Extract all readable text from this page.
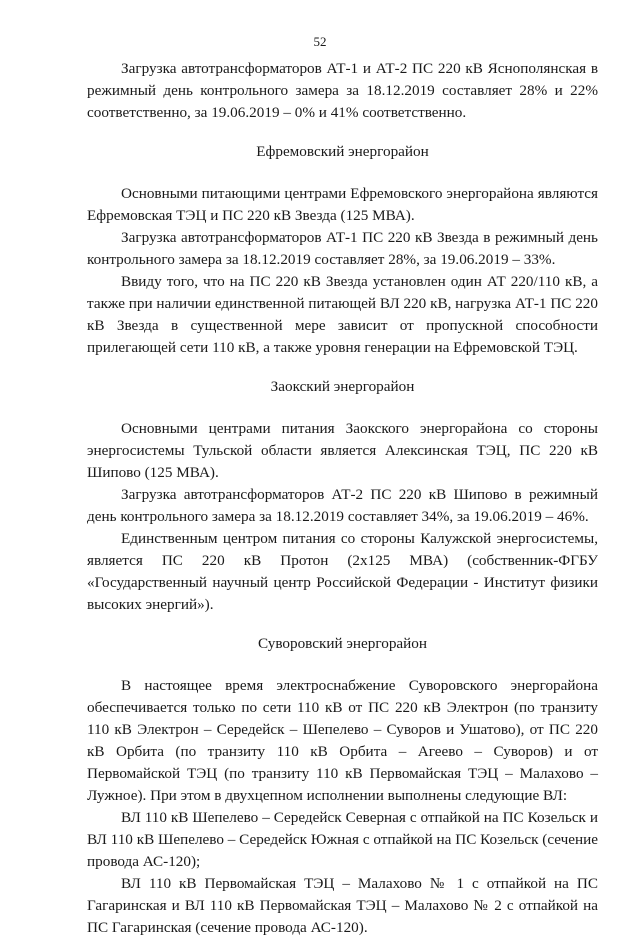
52

Загрузка автотрансформаторов АТ-1 и АТ-2 ПС 220 кВ Яснополянская в режимный день контрольного замера за 18.12.2019 составляет 28% и 22% соответственно, за 19.06.2019 – 0% и 41% соответственно.

Ефремовский энергорайон

Основными питающими центрами Ефремовского энергорайона являются Ефремовская ТЭЦ и ПС 220 кВ Звезда (125 МВА).

Загрузка автотрансформаторов АТ-1 ПС 220 кВ Звезда в режимный день контрольного замера за 18.12.2019 составляет 28%, за 19.06.2019 – 33%.

Ввиду того, что на ПС 220 кВ Звезда установлен один АТ 220/110 кВ, а также при наличии единственной питающей ВЛ 220 кВ, нагрузка АТ-1 ПС 220 кВ Звезда в существенной мере зависит от пропускной способности прилегающей сети 110 кВ, а также уровня генерации на Ефремовской ТЭЦ.

Заокский энергорайон

Основными центрами питания Заокского энергорайона со стороны энергосистемы Тульской области является Алексинская ТЭЦ, ПС 220 кВ Шипово (125 МВА).

Загрузка автотрансформаторов АТ-2 ПС 220 кВ Шипово в режимный день контрольного замера за 18.12.2019 составляет 34%, за 19.06.2019 – 46%.

Единственным центром питания со стороны Калужской энергосистемы, является ПС 220 кВ Протон (2х125 МВА) (собственник-ФГБУ «Государственный научный центр Российской Федерации - Институт физики высоких энергий»).

Суворовский энергорайон

В настоящее время электроснабжение Суворовского энергорайона обеспечивается только по сети 110 кВ от ПС 220 кВ Электрон (по транзиту 110 кВ Электрон – Середейск – Шепелево – Суворов и Ушатово), от ПС 220 кВ Орбита (по транзиту 110 кВ Орбита – Агеево – Суворов) и от Первомайской ТЭЦ (по транзиту 110 кВ Первомайская ТЭЦ – Малахово – Лужное). При этом в двухцепном исполнении выполнены следующие ВЛ:

ВЛ 110 кВ Шепелево – Середейск Северная с отпайкой на ПС Козельск и ВЛ 110 кВ Шепелево – Середейск Южная с отпайкой на ПС Козельск (сечение провода АС-120);

ВЛ 110 кВ Первомайская ТЭЦ – Малахово № 1 с отпайкой на ПС Гагаринская и ВЛ 110 кВ Первомайская ТЭЦ – Малахово № 2 с отпайкой на ПС Гагаринская (сечение провода АС-120).
